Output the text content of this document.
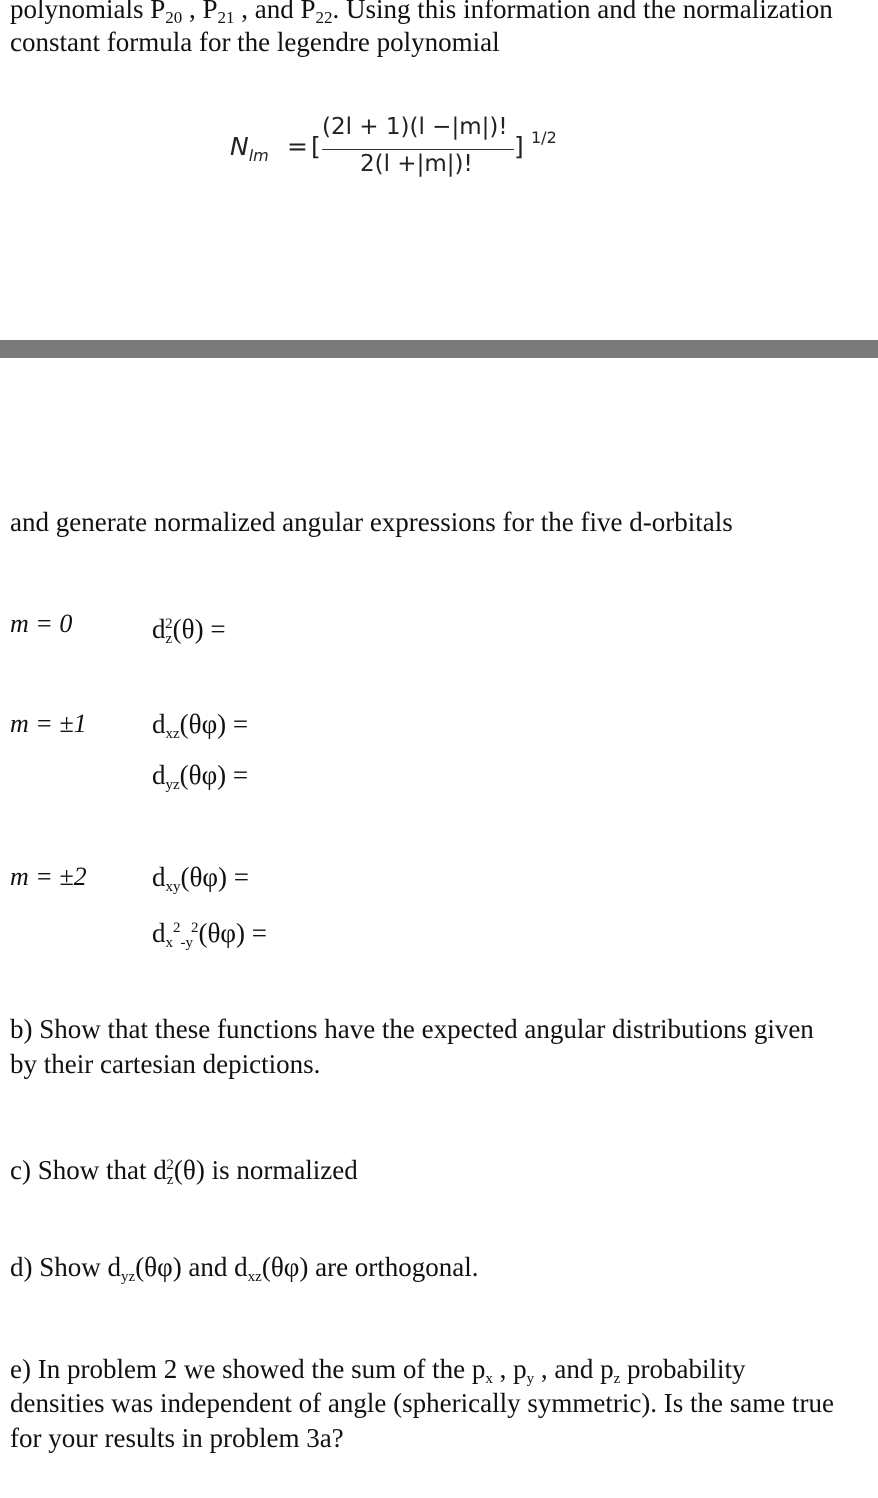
polynomials $P_{20}$ , $P_{21}$ , and $P_{22}$. Using this information and the normalization
constant formula for the legendre polynomial
$N_{lm}$ = [
(2l + 1)(l −|m|)!
2(l +|m|)!
] 1/2
and generate normalized angular expressions for the five d-orbitals
m = 0	$dz^2(\theta)$ =
m = ±1 dxz(θφ) =
dyz(θφ) =
m = ±2 dxy(θφ) =
$dx^2-y^2(\theta\varphi)$ =
b) Show that these functions have the expected angular distributions given
by their cartesian depictions.
c) Show that $dz^2(\theta)$ is normalized
d) Show dyz(θφ) and dxz(θφ) are orthogonal.
e) In problem 2 we showed the sum of the px , py , and pz probability
densities was independent of angle (spherically symmetric). Is the same true
for your results in problem 3a?
